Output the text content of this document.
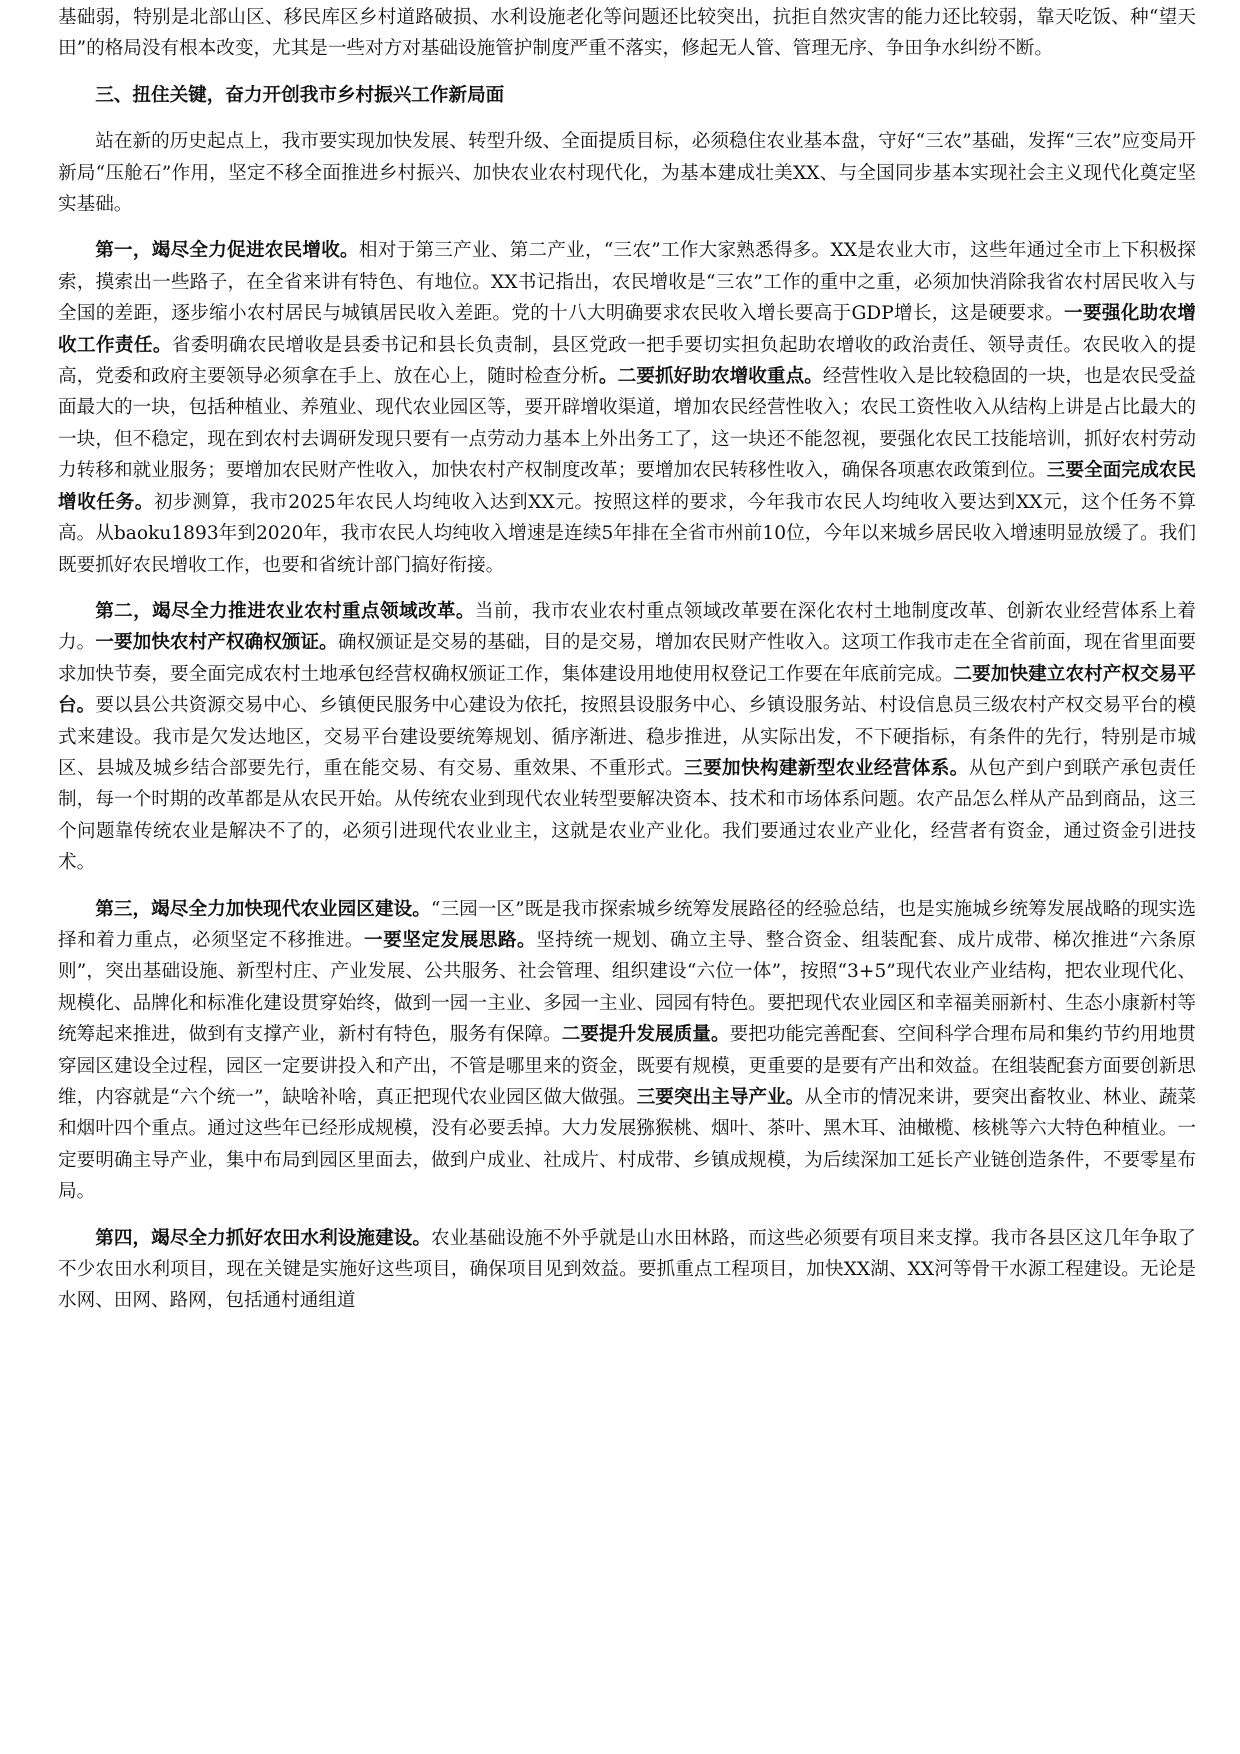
基础弱，特别是北部山区、移民库区乡村道路破损、水利设施老化等问题还比较突出，抗拒自然灾害的能力还比较弱，靠天吃饭、种“望天田”的格局没有根本改变，尤其是一些对方对基础设施管护制度严重不落实，修起无人管、管理无序、争田争水纠纷不断。

三、扭住关键，奋力开创我市乡村振兴工作新局面

站在新的历史起点上，我市要实现加快发展、转型升级、全面提质目标，必须稳住农业基本盘，守好“三农”基础，发挥“三农”应变局开新局“压舱石”作用，坚定不移全面推进乡村振兴、加快农业农村现代化，为基本建成壮美XX、与全国同步基本实现社会主义现代化奠定坚实基础。

第一，竭尽全力促进农民增收。相对于第三产业、第二产业，“三农”工作大家熟悉得多。XX是农业大市，这些年通过全市上下积极探索，摸索出一些路子，在全省来讲有特色、有地位。XX书记指出，农民增收是“三农”工作的重中之重，必须加快消除我省农村居民收入与全国的差距，逐步缩小农村居民与城镇居民收入差距。党的十八大明确要求农民收入增长要高于GDP增长，这是硬要求。一要强化助农增收工作责任。省委明确农民增收是县委书记和县长负责制，县区党政一把手要切实担负起助农增收的政治责任、领导责任。农民收入的提高，党委和政府主要领导必须拿在手上、放在心上，随时检查分析。二要抓好助农增收重点。经营性收入是比较稳固的一块，也是农民受益面最大的一块，包括种植业、养殖业、现代农业园区等，要开辟增收渠道，增加农民经营性收入；农民工资性收入从结构上讲是占比最大的一块，但不稳定，现在到农村去调研发现只要有一点劳动力基本上外出务工了，这一块还不能忽视，要强化农民工技能培训，抓好农村劳动力转移和就业服务；要增加农民财产性收入，加快农村产权制度改革；要增加农民转移性收入，确保各项惠农政策到位。三要全面完成农民增收任务。初步测算，我市2025年农民人均纯收入达到XX元。按照这样的要求，今年我市农民人均纯收入要达到XX元，这个任务不算高。从baoku1893年到2020年，我市农民人均纯收入增速是连续5年排在全省市州前10位，今年以来城乡居民收入增速明显放缓了。我们既要抓好农民增收工作，也要和省统计部门搞好衔接。

第二，竭尽全力推进农业农村重点领域改革。当前，我市农业农村重点领域改革要在深化农村土地制度改革、创新农业经营体系上着力。一要加快农村产权确权颁证。确权颁证是交易的基础，目的是交易，增加农民财产性收入。这项工作我市走在全省前面，现在省里面要求加快节奏，要全面完成农村土地承包经营权确权颁证工作，集体建设用地使用权登记工作要在年底前完成。二要加快建立农村产权交易平台。要以县公共资源交易中心、乡镇便民服务中心建设为依托，按照县设服务中心、乡镇设服务站、村设信息员三级农村产权交易平台的模式来建设。我市是欠发达地区，交易平台建设要统筹规划、循序渐进、稳步推进，从实际出发，不下硬指标，有条件的先行，特别是市城区、县城及城乡结合部要先行，重在能交易、有交易、重效果、不重形式。三要加快构建新型农业经营体系。从包产到户到联产承包责任制，每一个时期的改革都是从农民开始。从传统农业到现代农业转型要解决资本、技术和市场体系问题。农产品怎么样从产品到商品，这三个问题靠传统农业是解决不了的，必须引进现代农业业主，这就是农业产业化。我们要通过农业产业化，经营者有资金，通过资金引进技术。

第三，竭尽全力加快现代农业园区建设。“三园一区”既是我市探索城乡统筹发展路径的经验总结，也是实施城乡统筹发展战略的现实选择和着力重点，必须坚定不移推进。一要坚定发展思路。坚持统一规划、确立主导、整合资金、组装配套、成片成带、梯次推进“六条原则”，突出基础设施、新型村庄、产业发展、公共服务、社会管理、组织建设“六位一体”，按照“3+5”现代农业产业结构，把农业现代化、规模化、品牌化和标准化建设贯穿始终，做到一园一主业、多园一主业、园园有特色。要把现代农业园区和幸福美丽新村、生态小康新村等统筹起来推进，做到有支撑产业，新村有特色，服务有保障。二要提升发展质量。要把功能完善配套、空间科学合理布局和集约节约用地贯穿园区建设全过程，园区一定要讲投入和产出，不管是哪里来的资金，既要有规模，更重要的是要有产出和效益。在组装配套方面要创新思维，内容就是“六个统一”，缺啥补啥，真正把现代农业园区做大做强。三要突出主导产业。从全市的情况来讲，要突出畜牧业、林业、蔬菜和烟叶四个重点。通过这些年已经形成规模，没有必要丢掉。大力发展猕猴桃、烟叶、茶叶、黑木耳、油橄榄、核桃等六大特色种植业。一定要明确主导产业，集中布局到园区里面去，做到户成业、社成片、村成带、乡镇成规模，为后续深加工延长产业链创造条件，不要零星布局。

第四，竭尽全力抓好农田水利设施建设。农业基础设施不外乎就是山水田林路，而这些必须要有项目来支撑。我市各县区这几年争取了不少农田水利项目，现在关键是实施好这些项目，确保项目见到效益。要抓重点工程项目，加快XX湖、XX河等骨干水源工程建设。无论是水网、田网、路网，包括通村通组道
